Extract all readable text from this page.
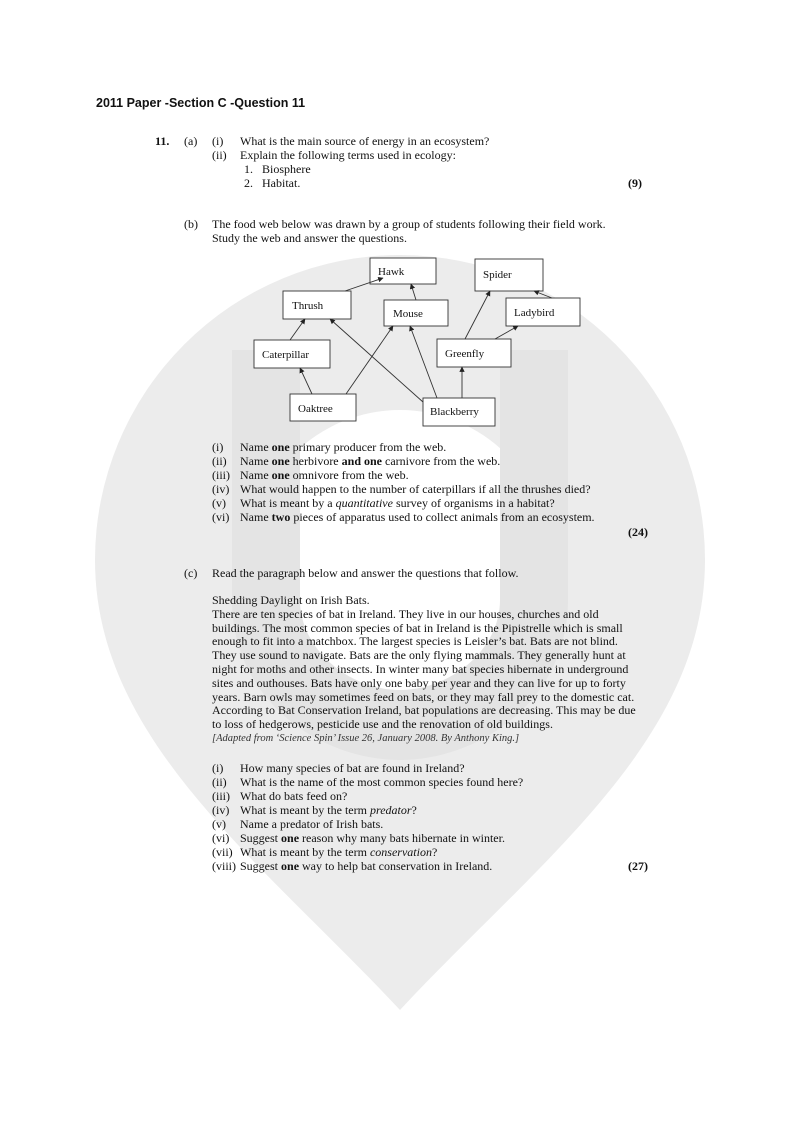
2011 Paper -Section C -Question 11
11. (a) (i) What is the main source of energy in an ecosystem?
(ii) Explain the following terms used in ecology:
1. Biosphere
2. Habitat.	(9)
(b) The food web below was drawn by a group of students following their field work.
Study the web and answer the questions.
Hawk	Spider
Thrush
Mouse	Ladybird
Caterpillar	Greenfly
Oaktree	Blackberry
(i) Name one primary producer from the web.
(ii) Name one herbivore and one carnivore from the web.
(iii) Name one omnivore from the web.
(iv) What would happen to the number of caterpillars if all the thrushes died?
(v) What is meant by a quantitative survey of organisms in a habitat?
(vi) Name two pieces of apparatus used to collect animals from an ecosystem.
(24)
(c) Read the paragraph below and answer the questions that follow.
Shedding Daylight on Irish Bats.
There are ten species of bat in Ireland. They live in our houses, churches and old
buildings. The most common species of bat in Ireland is the Pipistrelle which is small
enough to fit into a matchbox. The largest species is Leisler’s bat. Bats are not blind.
They use sound to navigate. Bats are the only flying mammals. They generally hunt at
night for moths and other insects. In winter many bat species hibernate in underground
sites and outhouses. Bats have only one baby per year and they can live for up to forty
years. Barn owls may sometimes feed on bats, or they may fall prey to the domestic cat.
According to Bat Conservation Ireland, bat populations are decreasing. This may be due
to loss of hedgerows, pesticide use and the renovation of old buildings.
[Adapted from ‘Science Spin’ Issue 26, January 2008. By Anthony King.]
(i) How many species of bat are found in Ireland?
(ii) What is the name of the most common species found here?
(iii) What do bats feed on?
(iv) What is meant by the term predator?
(v) Name a predator of Irish bats.
(vi) Suggest one reason why many bats hibernate in winter.
(vii) What is meant by the term conservation?
(viii) Suggest one way to help bat conservation in Ireland.	(27)
